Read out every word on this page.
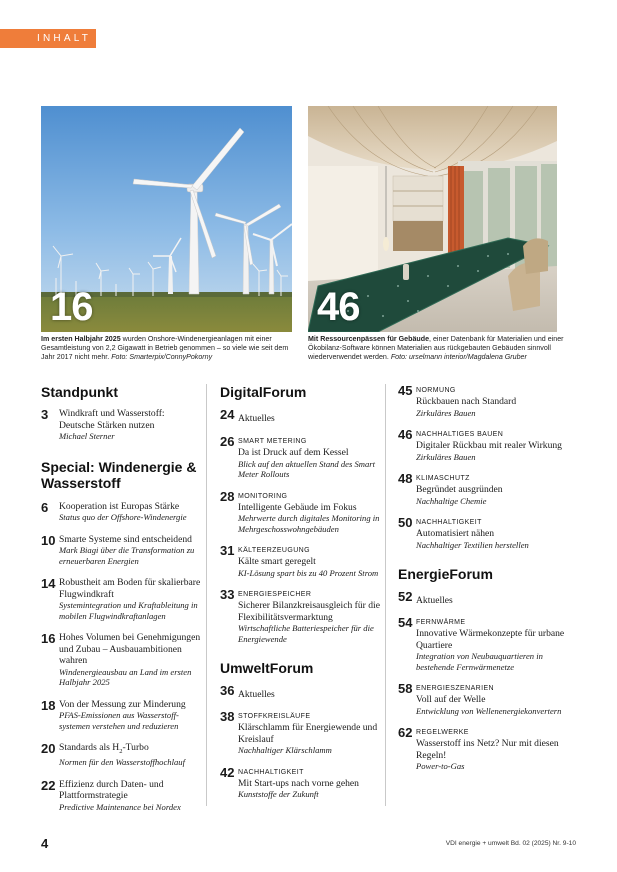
INHALT
16	46
Im ersten Halbjahr 2025 wurden Onshore-Windenergieanlagen mit einer Gesamtleistung von 2,2 Gigawatt in Betrieb genommen – so viele wie seit dem Jahr 2017 nicht mehr. Foto: Smarterpix/ConnyPokorny
Mit Ressourcenpässen für Gebäude, einer Datenbank für Materialien und einer Ökobilanz-Software können Materialien aus rückgebauten Gebäuden sinnvoll wiederverwendet werden. Foto: urselmann interior/Magdalena Gruber
Standpunkt
3	Windkraft und Wasserstoff: Deutsche Stärken nutzen
Michael Sterner
Special: Windenergie &
Wasserstoff
6	Kooperation ist Europas Stärke
Status quo der Offshore-Windenergie
10 Smarte Systeme sind entscheidend
Mark Biagi über die Transformation zu erneuerbaren Energien
14 Robustheit am Boden für skalierbare Flugwindkraft
Systemintegration und Kraftableitung in mobilen Flugwindkraftanlagen
16 Hohes Volumen bei Genehmigungen und Zubau – Ausbauambitionen wahren
Windenergieausbau an Land im ersten Halbjahr 2025
18 Von der Messung zur Minderung
PFAS-Emissionen aus Wasserstoff-systemen verstehen und reduzieren
20 Standards als $H_2$-Turbo
Normen für den Wasserstoffhochlauf
22 Effizienz durch Daten- und Plattformstrategie
Predictive Maintenance bei Nordex
DigitalForum
24 Aktuelles
26 SMART METERING
Da ist Druck auf dem Kessel
Blick auf den aktuellen Stand des Smart Meter Rollouts
28 MONITORING
Intelligente Gebäude im Fokus
Mehrwerte durch digitales Monitoring in Mehrgeschosswohngebäuden
31 KÄLTEERZEUGUNG
Kälte smart geregelt
KI-Lösung spart bis zu 40 Prozent Strom
33 ENERGIESPEICHER
Sicherer Bilanzkreisausgleich für die Flexibilitätsvermarktung
Wirtschaftliche Batteriespeicher für die Energiewende
UmweltForum
36 Aktuelles
38 STOFFKREISLÄUFE
Klärschlamm für Energiewende und Kreislauf
Nachhaltiger Klärschlamm
42 NACHHALTIGKEIT
Mit Start-ups nach vorne gehen
Kunststoffe der Zukunft
45 NORMUNG
Rückbauen nach Standard
Zirkuläres Bauen
46 NACHHALTIGES BAUEN
Digitaler Rückbau mit realer Wirkung
Zirkuläres Bauen
48 KLIMASCHUTZ
Begründet ausgründen
Nachhaltige Chemie
50 NACHHALTIGKEIT
Automatisiert nähen
Nachhaltiger Textilien herstellen
EnergieForum
52 Aktuelles
54 FERNWÄRME
Innovative Wärmekonzepte für urbane Quartiere
Integration von Neubauquartieren in bestehende Fernwärmenetze
58 ENERGIESZENARIEN
Voll auf der Welle
Entwicklung von Wellenenergiekonvertern
62 REGELWERKE
Wasserstoff ins Netz? Nur mit diesen Regeln!
Power-to-Gas
4	VDI energie + umwelt Bd. 02 (2025) Nr. 9-10
